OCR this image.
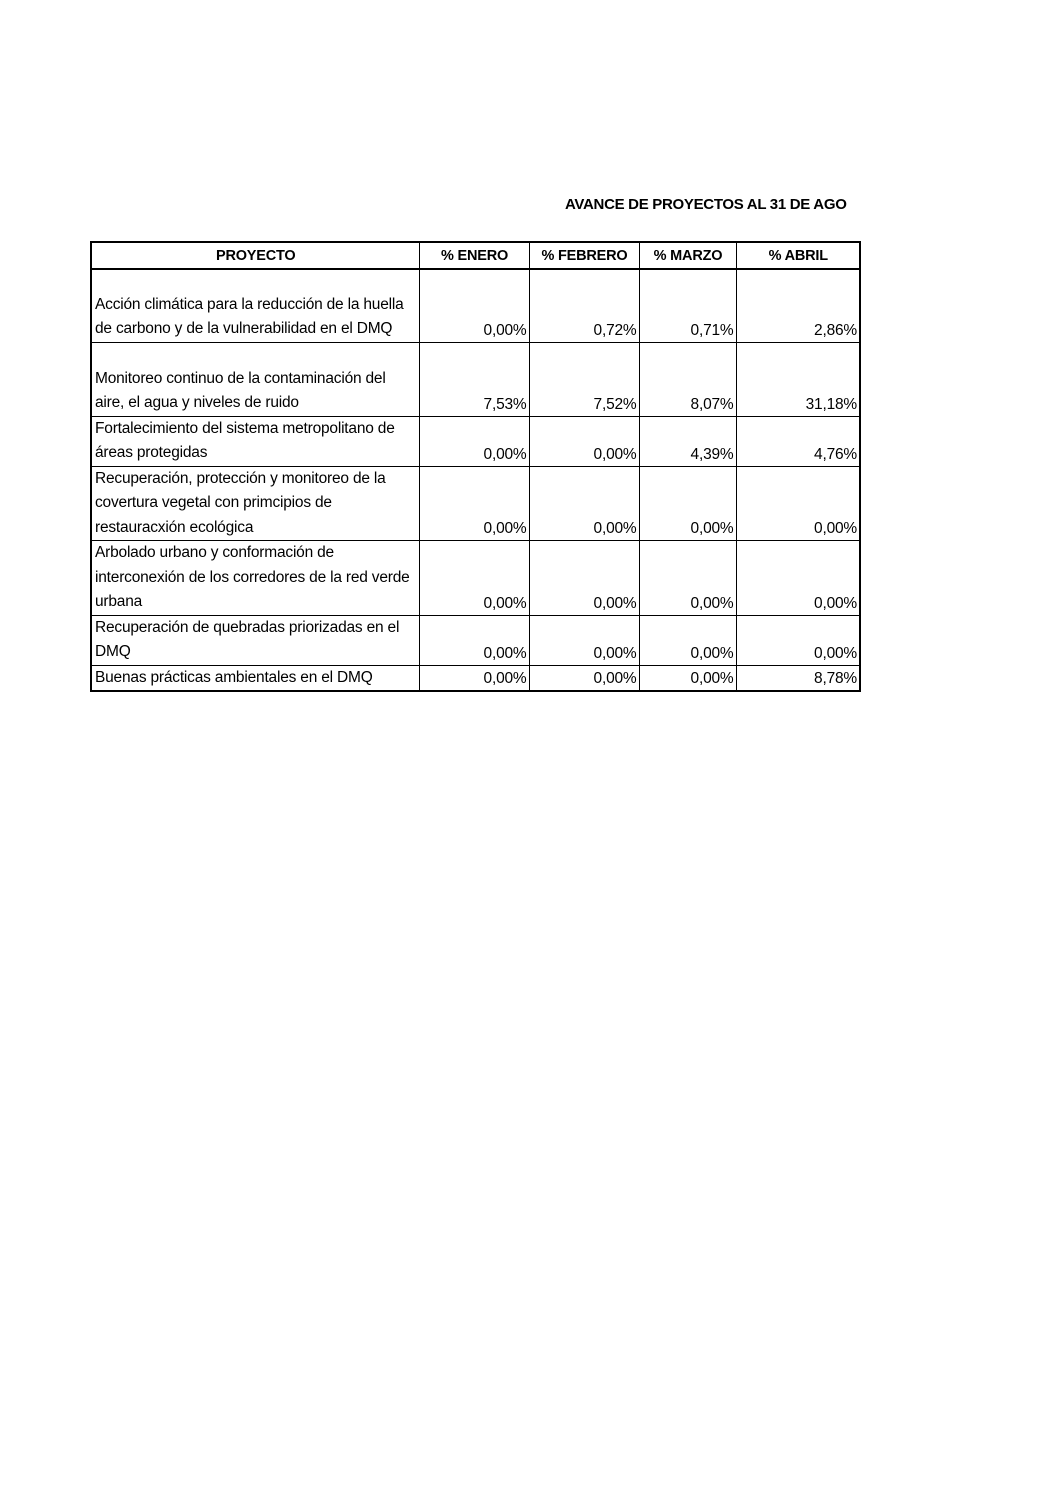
AVANCE DE PROYECTOS AL 31 DE AGO
PROYECTO	% ENERO	% FEBRERO	% MARZO	% ABRIL
Acción climática para la reducción de la huella de carbono y de la vulnerabilidad en el DMQ	0,00%	0,72%	0,71%	2,86%
Monitoreo continuo de la contaminación del aire, el agua y niveles de ruido	7,53%	7,52%	8,07%	31,18%
Fortalecimiento del sistema metropolitano de áreas protegidas	0,00%	0,00%	4,39%	4,76%
Recuperación, protección y monitoreo de la covertura vegetal con primcipios de restauracxión ecológica	0,00%	0,00%	0,00%	0,00%
Arbolado urbano y conformación de interconexión de los corredores de la red verde urbana	0,00%	0,00%	0,00%	0,00%
Recuperación de quebradas priorizadas en el DMQ	0,00%	0,00%	0,00%	0,00%
Buenas prácticas ambientales en el DMQ	0,00%	0,00%	0,00%	8,78%
